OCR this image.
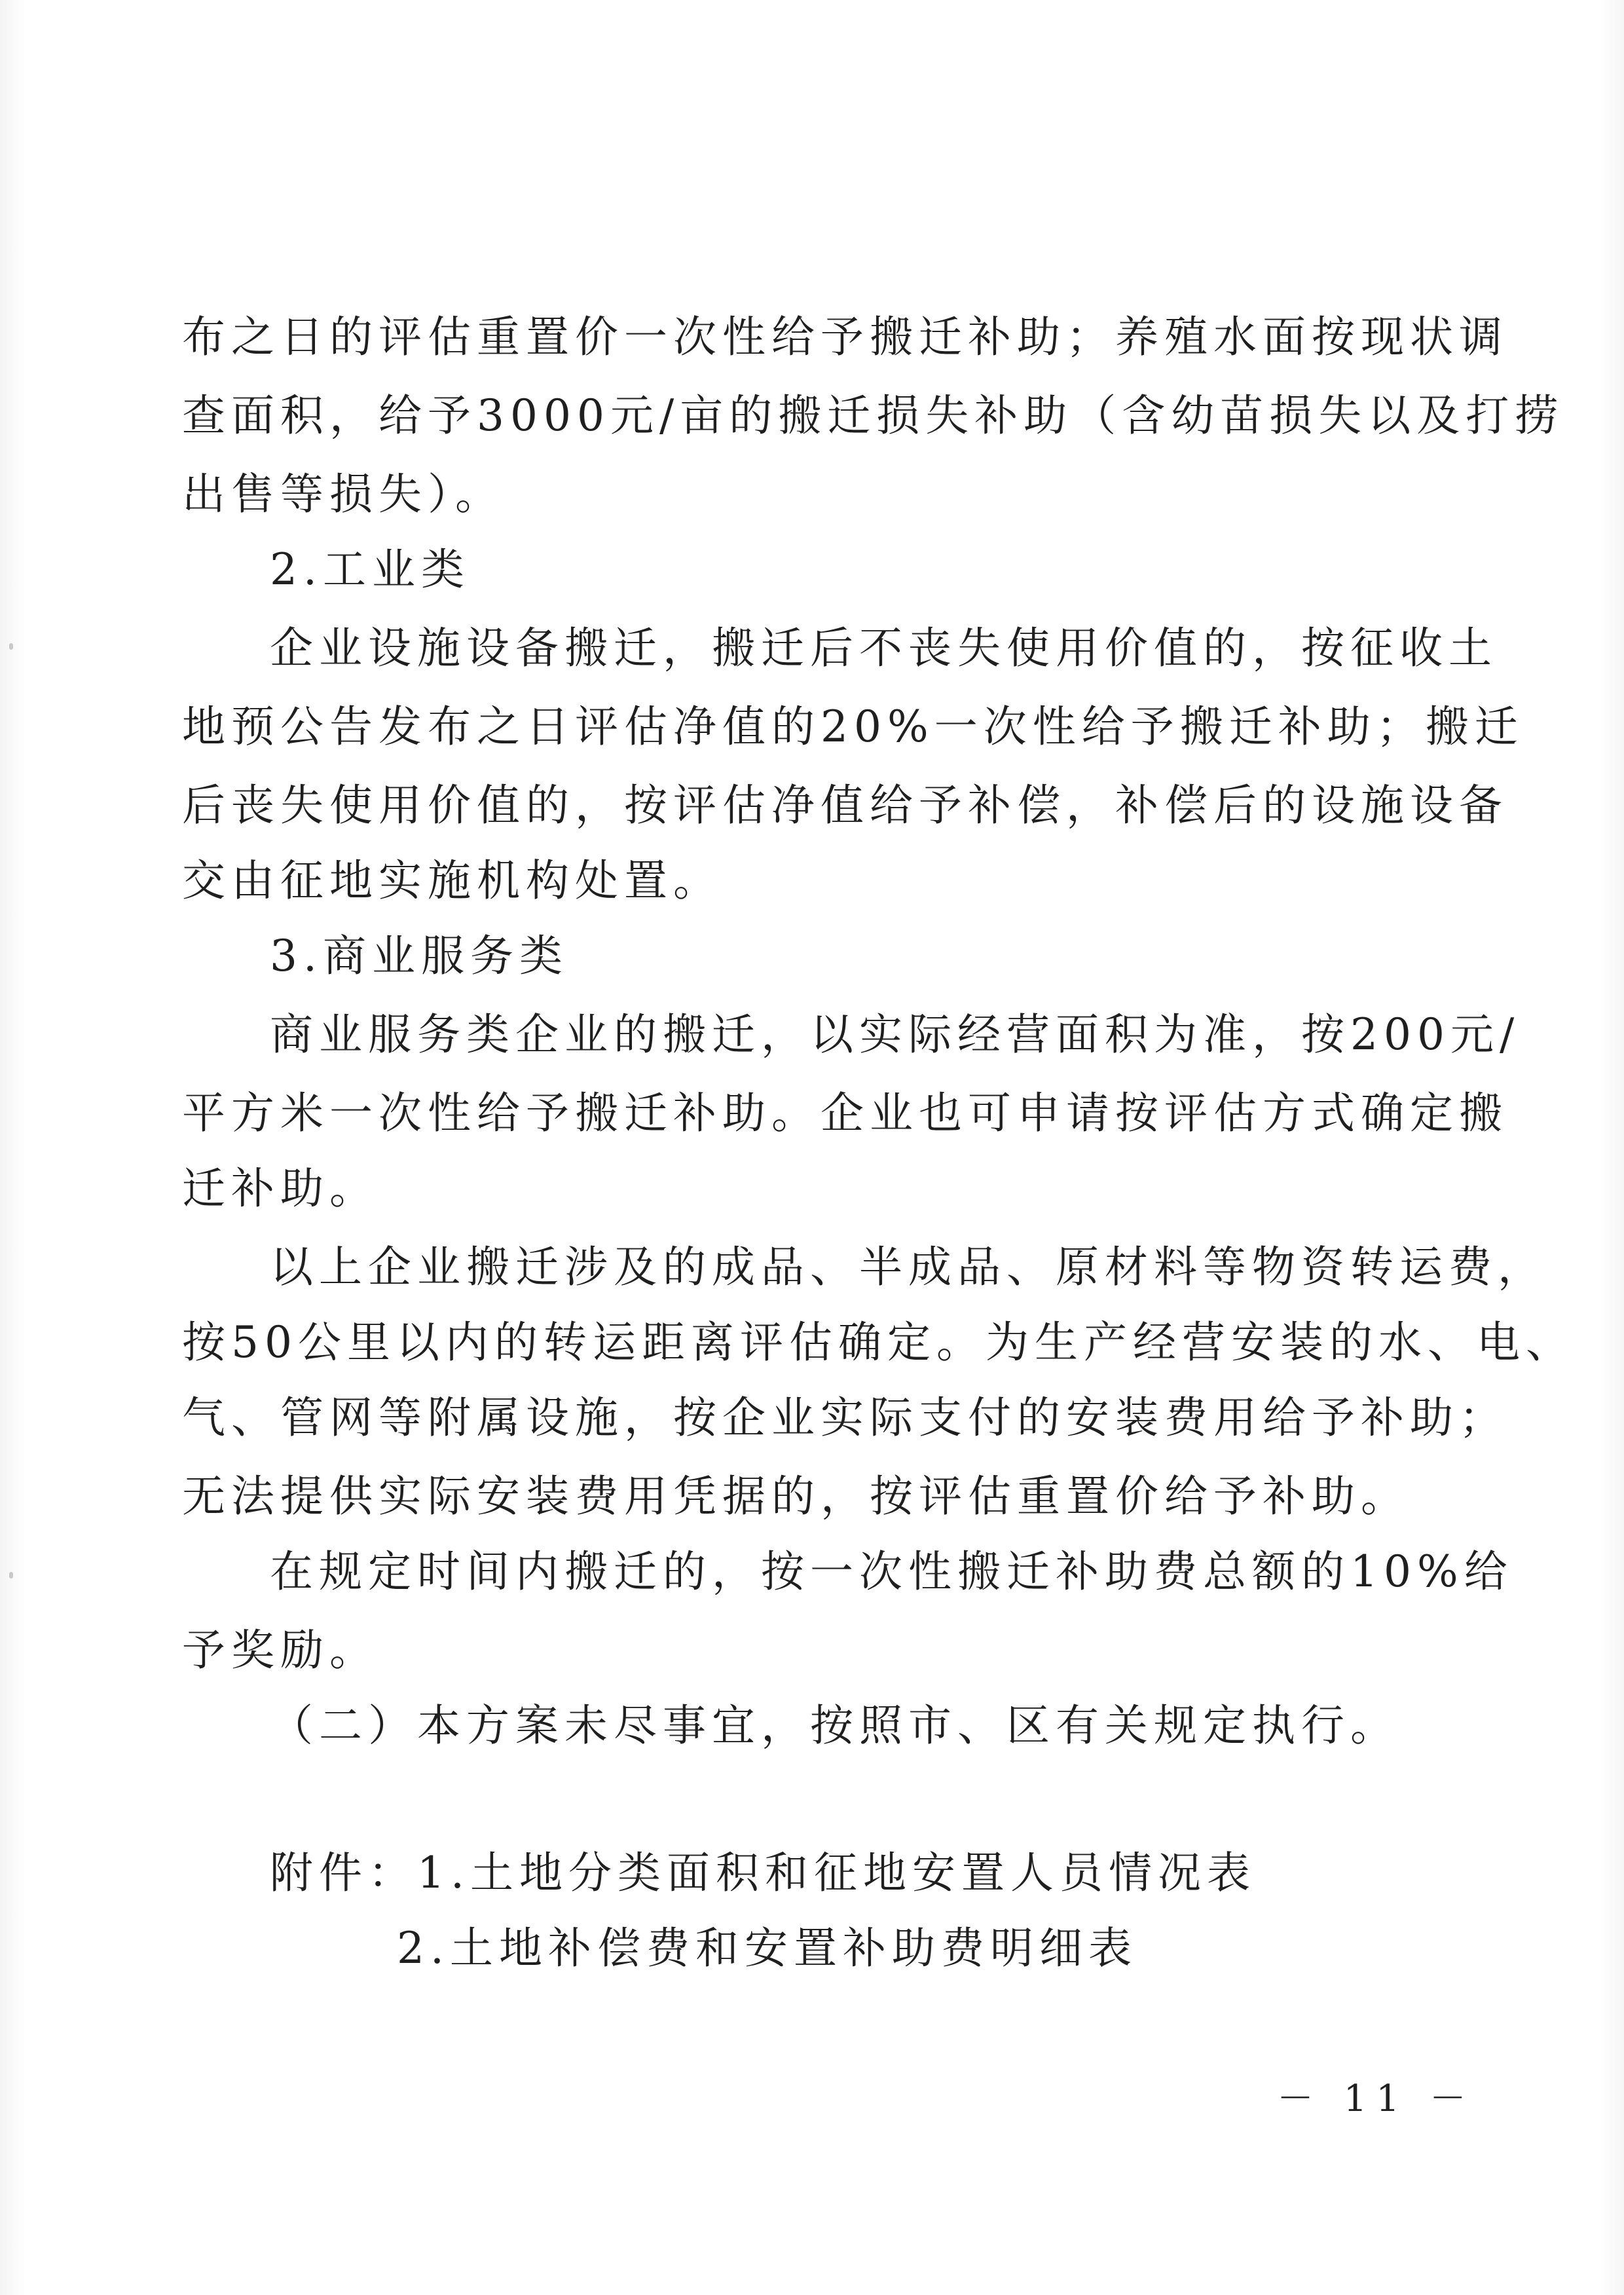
布之日的评估重置价一次性给予搬迁补助；养殖水面按现状调
查面积，给予3000元/亩的搬迁损失补助（含幼苗损失以及打捞
出售等损失）。
2.工业类
企业设施设备搬迁，搬迁后不丧失使用价值的，按征收土
地预公告发布之日评估净值的20%一次性给予搬迁补助；搬迁
后丧失使用价值的，按评估净值给予补偿，补偿后的设施设备
交由征地实施机构处置。
3.商业服务类
商业服务类企业的搬迁，以实际经营面积为准，按200元/
平方米一次性给予搬迁补助。企业也可申请按评估方式确定搬
迁补助。
以上企业搬迁涉及的成品、半成品、原材料等物资转运费，
按50公里以内的转运距离评估确定。为生产经营安装的水、电、
气、管网等附属设施，按企业实际支付的安装费用给予补助；
无法提供实际安装费用凭据的，按评估重置价给予补助。
在规定时间内搬迁的，按一次性搬迁补助费总额的10%给
予奖励。
（二）本方案未尽事宜，按照市、区有关规定执行。
附件：1.土地分类面积和征地安置人员情况表
2.土地补偿费和安置补助费明细表
－ 11 －
